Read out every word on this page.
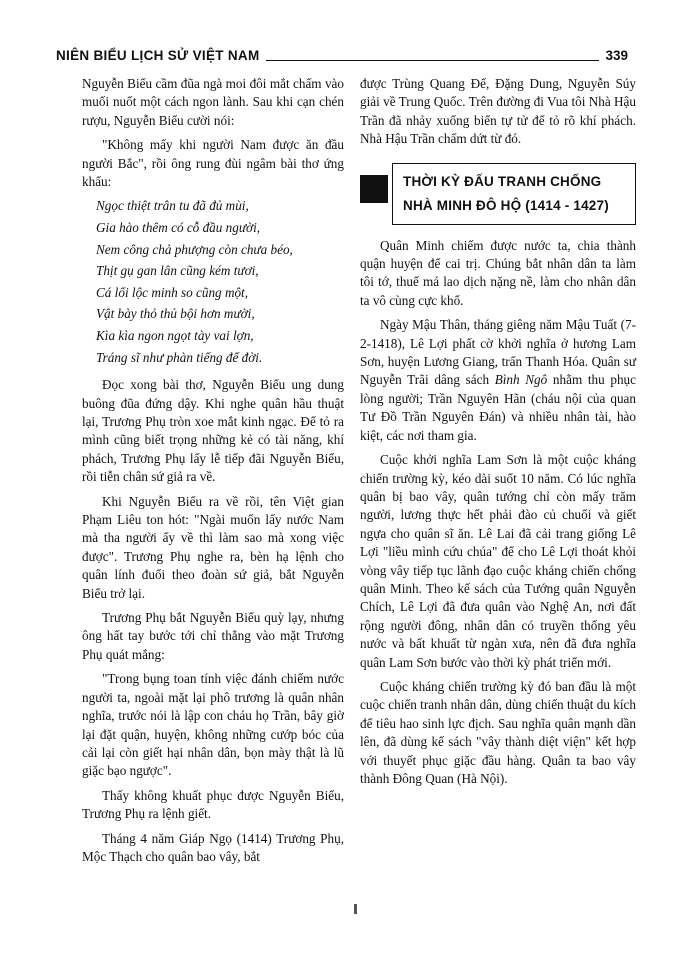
NIÊN BIỂU LỊCH SỬ VIỆT NAM	339

Nguyễn Biểu cầm đũa ngà moi đôi mắt chấm vào muối nuốt một cách ngon lành. Sau khi cạn chén rượu, Nguyễn Biểu cười nói:

"Không mấy khi người Nam được ăn đầu người Bắc", rồi ông rung đùi ngâm bài thơ ứng khẩu:

Ngọc thiệt trân tu đã đủ mùi,
Gia hào thêm có cỗ đầu người,
Nem công chả phượng còn chưa béo,
Thịt gụ gan lân cũng kém tươi,
Cá lối lộc minh so cũng một,
Vật bày thỏ thủ bội hơn mười,
Kìa kìa ngon ngọt tày vai lợn,
Tráng sĩ như phàn tiếng để đời.

Đọc xong bài thơ, Nguyễn Biểu ung dung buông đũa đứng dậy. Khi nghe quân hầu thuật lại, Trương Phụ tròn xoe mắt kinh ngạc. Để tỏ ra mình cũng biết trọng những kẻ có tài năng, khí phách, Trương Phụ lấy lễ tiếp đãi Nguyễn Biểu, rồi tiễn chân sứ giả ra về.

Khi Nguyễn Biểu ra về rồi, tên Việt gian Phạm Liêu ton hót: "Ngài muốn lấy nước Nam mà tha người ấy về thì làm sao mà xong việc được". Trương Phụ nghe ra, bèn hạ lệnh cho quân lính đuổi theo đoàn sứ giả, bắt Nguyễn Biểu trở lại.

Trương Phụ bắt Nguyễn Biểu quỳ lạy, nhưng ông hất tay bước tới chỉ thẳng vào mặt Trương Phụ quát mắng:

"Trong bụng toan tính việc đánh chiếm nước người ta, ngoài mặt lại phô trương là quân nhân nghĩa, trước nói là lập con cháu họ Trần, bây giờ lại đặt quận, huyện, không những cướp bóc của cải lại còn giết hại nhân dân, bọn mày thật là lũ giặc bạo ngược".

Thấy không khuất phục được Nguyễn Biểu, Trương Phụ ra lệnh giết.

Tháng 4 năm Giáp Ngọ (1414) Trương Phụ, Mộc Thạch cho quân bao vây, bắt

được Trùng Quang Đế, Đặng Dung, Nguyễn Súy giải về Trung Quốc. Trên đường đi Vua tôi Nhà Hậu Trần đã nhảy xuống biển tự tử để tỏ rõ khí phách. Nhà Hậu Trần chấm dứt từ đó.

THỜI KỲ ĐẤU TRANH CHỐNG
NHÀ MINH ĐÔ HỘ (1414 - 1427)

Quân Minh chiếm được nước ta, chia thành quận huyện để cai trị. Chúng bắt nhân dân ta làm tôi tớ, thuế má lao dịch nặng nề, làm cho nhân dân ta vô cùng cực khổ.

Ngày Mậu Thân, tháng giêng năm Mậu Tuất (7-2-1418), Lê Lợi phất cờ khởi nghĩa ở hương Lam Sơn, huyện Lương Giang, trấn Thanh Hóa. Quân sư Nguyễn Trãi dâng sách Bình Ngô nhằm thu phục lòng người; Trần Nguyên Hãn (cháu nội của quan Tư Đồ Trần Nguyên Đán) và nhiều nhân tài, hào kiệt, các nơi tham gia.

Cuộc khởi nghĩa Lam Sơn là một cuộc kháng chiến trường kỳ, kéo dài suốt 10 năm. Có lúc nghĩa quân bị bao vây, quân tướng chỉ còn mấy trăm người, lương thực hết phải đào củ chuối và giết ngựa cho quân sĩ ăn. Lê Lai đã cải trang giống Lê Lợi "liều mình cứu chúa" để cho Lê Lợi thoát khỏi vòng vây tiếp tục lãnh đạo cuộc kháng chiến chống quân Minh. Theo kế sách của Tướng quân Nguyễn Chích, Lê Lợi đã đưa quân vào Nghệ An, nơi đất rộng người đông, nhân dân có truyền thống yêu nước và bất khuất từ ngàn xưa, nên đã đưa nghĩa quân Lam Sơn bước vào thời kỳ phát triển mới.

Cuộc kháng chiến trường kỳ đó ban đầu là một cuộc chiến tranh nhân dân, dùng chiến thuật du kích để tiêu hao sinh lực địch. Sau nghĩa quân mạnh dần lên, đã dùng kế sách "vây thành diệt viện" kết hợp với thuyết phục giặc đầu hàng. Quân ta bao vây thành Đông Quan (Hà Nội).
